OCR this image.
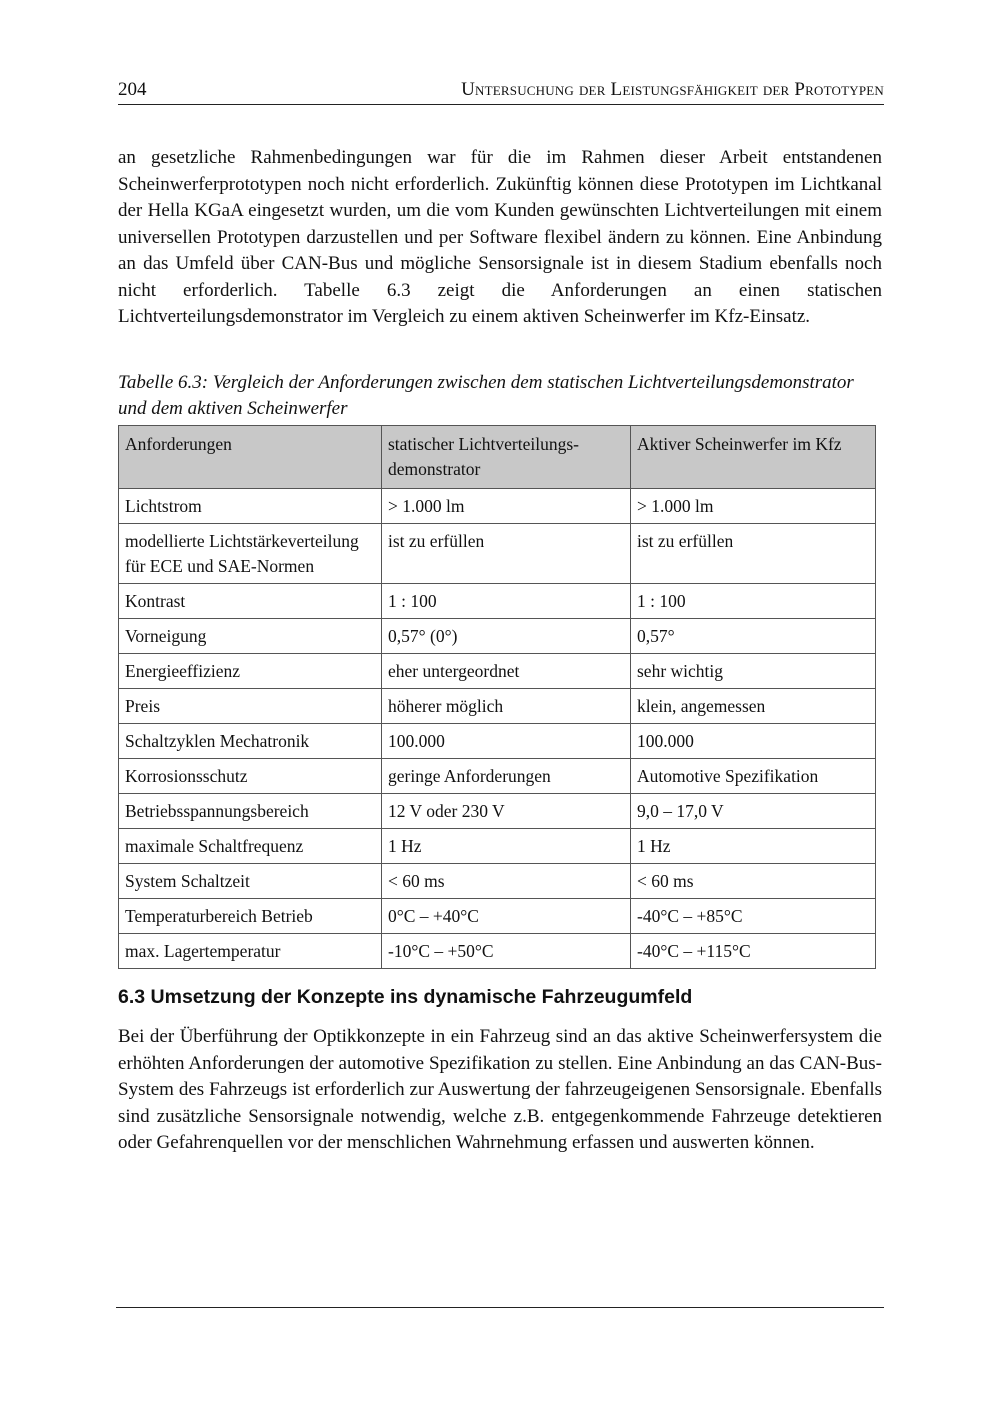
204	Untersuchung der Leistungsfähigkeit der Prototypen

an gesetzliche Rahmenbedingungen war für die im Rahmen dieser Arbeit entstandenen Scheinwerferprototypen noch nicht erforderlich. Zukünftig können diese Prototypen im Lichtkanal der Hella KGaA eingesetzt wurden, um die vom Kunden gewünschten Lichtverteilungen mit einem universellen Prototypen darzustellen und per Software flexibel ändern zu können. Eine Anbindung an das Umfeld über CAN-Bus und mögliche Sensorsignale ist in diesem Stadium ebenfalls noch nicht erforderlich. Tabelle 6.3 zeigt die Anforderungen an einen statischen Lichtverteilungsdemonstrator im Vergleich zu einem aktiven Scheinwerfer im Kfz-Einsatz.

Tabelle 6.3: Vergleich der Anforderungen zwischen dem statischen Lichtverteilungsdemonstrator und dem aktiven Scheinwerfer

Anforderungen	statischer Lichtverteilungsdemonstrator	Aktiver Scheinwerfer im Kfz
Lichtstrom	> 1.000 lm	> 1.000 lm
modellierte Lichtstärkeverteilung für ECE und SAE-Normen	ist zu erfüllen	ist zu erfüllen
Kontrast	1 : 100	1 : 100
Vorneigung	0,57° (0°)	0,57°
Energieeffizienz	eher untergeordnet	sehr wichtig
Preis	höherer möglich	klein, angemessen
Schaltzyklen Mechatronik	100.000	100.000
Korrosionsschutz	geringe Anforderungen	Automotive Spezifikation
Betriebsspannungsbereich	12 V oder 230 V	9,0 – 17,0 V
maximale Schaltfrequenz	1 Hz	1 Hz
System Schaltzeit	< 60 ms	< 60 ms
Temperaturbereich Betrieb	0°C – +40°C	-40°C – +85°C
max. Lagertemperatur	-10°C – +50°C	-40°C – +115°C
6.3 Umsetzung der Konzepte ins dynamische Fahrzeugumfeld

Bei der Überführung der Optikkonzepte in ein Fahrzeug sind an das aktive Scheinwerfersystem die erhöhten Anforderungen der automotive Spezifikation zu stellen. Eine Anbindung an das CAN-Bus-System des Fahrzeugs ist erforderlich zur Auswertung der fahrzeugeigenen Sensorsignale. Ebenfalls sind zusätzliche Sensorsignale notwendig, welche z.B. entgegenkommende Fahrzeuge detektieren oder Gefahrenquellen vor der menschlichen Wahrnehmung erfassen und auswerten können.
